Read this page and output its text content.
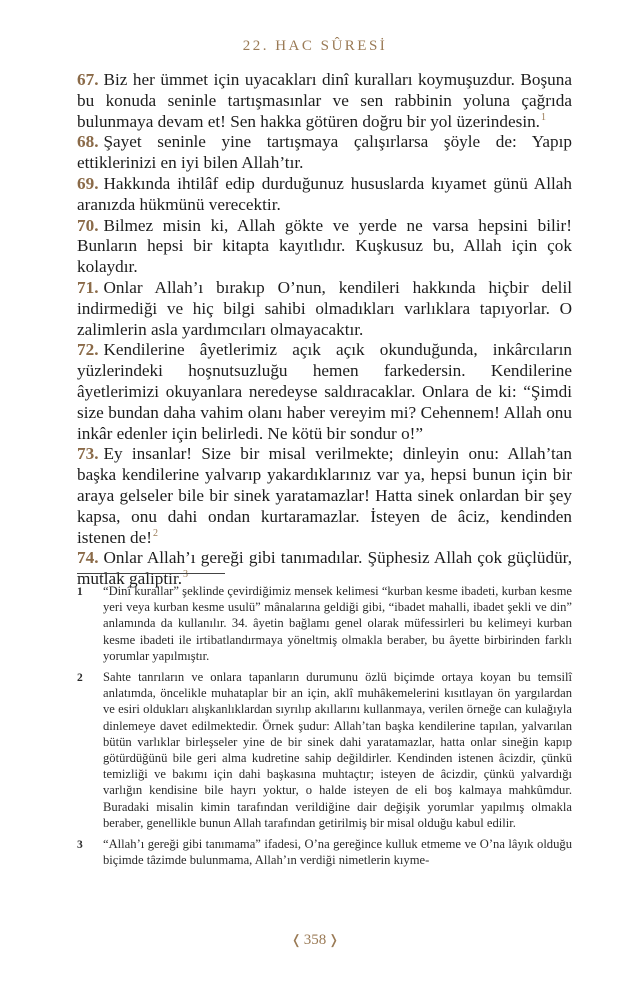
22. HAC SÛRESİ

67. Biz her ümmet için uyacakları dinî kuralları koymuşuzdur. Boşuna bu konuda seninle tartışmasınlar ve sen rabbinin yoluna çağrıda bulunmaya devam et! Sen hakka götüren doğru bir yol üzerindesin.$^1$

68. Şayet seninle yine tartışmaya çalışırlarsa şöyle de: Yapıp ettiklerinizi en iyi bilen Allah’tır.

69. Hakkında ihtilâf edip durduğunuz hususlarda kıyamet günü Allah aranızda hükmünü verecektir.

70. Bilmez misin ki, Allah gökte ve yerde ne varsa hepsini bilir! Bunların hepsi bir kitapta kayıtlıdır. Kuşkusuz bu, Allah için çok kolaydır.

71. Onlar Allah’ı bırakıp O’nun, kendileri hakkında hiçbir delil indirmediği ve hiç bilgi sahibi olmadıkları varlıklara tapıyorlar. O zalimlerin asla yardımcıları olmayacaktır.

72. Kendilerine âyetlerimiz açık açık okunduğunda, inkârcıların yüzlerindeki hoşnutsuzluğu hemen farkedersin. Kendilerine âyetlerimizi okuyanlara neredeyse saldıracaklar. Onlara de ki: “Şimdi size bundan daha vahim olanı haber vereyim mi? Cehennem! Allah onu inkâr edenler için belirledi. Ne kötü bir sondur o!”

73. Ey insanlar! Size bir misal verilmekte; dinleyin onu: Allah’tan başka kendilerine yalvarıp yakardıklarınız var ya, hepsi bunun için bir araya gelseler bile bir sinek yaratamazlar! Hatta sinek onlardan bir şey kapsa, onu dahi ondan kurtaramazlar. İsteyen de âciz, kendinden istenen de!$^2$

74. Onlar Allah’ı gereği gibi tanımadılar. Şüphesiz Allah çok güçlüdür, mutlak galiptir.$^3$

1	“Dinî kurallar” şeklinde çevirdiğimiz mensek kelimesi “kurban kesme ibadeti, kurban kesme yeri veya kurban kesme usulü” mânalarına geldiği gibi, “ibadet mahalli, ibadet şekli ve din” anlamında da kullanılır. 34. âyetin bağlamı genel olarak müfessirleri bu kelimeyi kurban kesme ibadeti ile irtibatlandırmaya yöneltmiş olmakla beraber, bu âyette birbirinden farklı yorumlar yapılmıştır.
2	Sahte tanrıların ve onlara tapanların durumunu özlü biçimde ortaya koyan bu temsilî anlatımda, öncelikle muhataplar bir an için, aklî muhâkemelerini kısıtlayan ön yargılardan ve esiri oldukları alışkanlıklardan sıyrılıp akıllarını kullanmaya, verilen örneğe can kulağıyla dinlemeye davet edilmektedir. Örnek şudur: Allah’tan başka kendilerine tapılan, yalvarılan bütün varlıklar birleşseler yine de bir sinek dahi yaratamazlar, hatta onlar sineğin kapıp götürdüğünü bile geri alma kudretine sahip değildirler. Kendinden istenen âcizdir, çünkü temizliği ve bakımı için dahi başkasına muhtaçtır; isteyen de âcizdir, çünkü yalvardığı varlığın kendisine bile hayrı yoktur, o halde isteyen de eli boş kalmaya mahkûmdur. Buradaki misalin kimin tarafından verildiğine dair değişik yorumlar yapılmış olmakla beraber, genellikle bunun Allah tarafından getirilmiş bir misal olduğu kabul edilir.
3	“Allah’ı gereği gibi tanımama” ifadesi, O’na gereğince kulluk etmeme ve O’na lâyık olduğu biçimde tâzimde bulunmama, Allah’ın verdiği nimetlerin kıyme-
❬ 358 ❭
